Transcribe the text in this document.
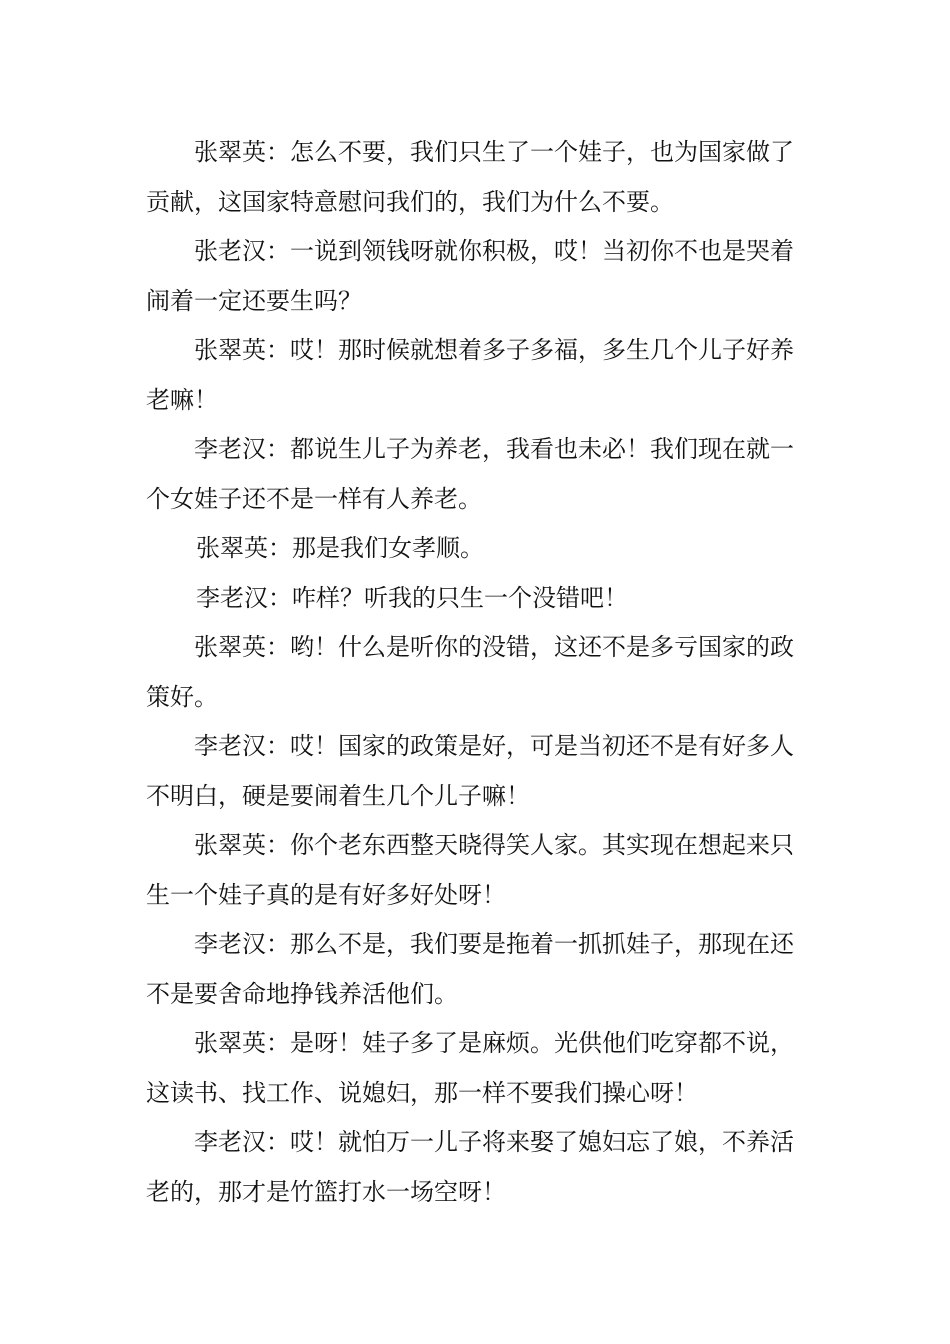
张翠英：怎么不要，我们只生了一个娃子，也为国家做了贡献，这国家特意慰问我们的，我们为什么不要。

张老汉：一说到领钱呀就你积极，哎！当初你不也是哭着闹着一定还要生吗？

张翠英：哎！那时候就想着多子多福，多生几个儿子好养老嘛！

李老汉：都说生儿子为养老，我看也未必！我们现在就一个女娃子还不是一样有人养老。

张翠英：那是我们女孝顺。

李老汉：咋样？听我的只生一个没错吧！

张翠英：哟！什么是听你的没错，这还不是多亏国家的政策好。

李老汉：哎！国家的政策是好，可是当初还不是有好多人不明白，硬是要闹着生几个儿子嘛！

张翠英：你个老东西整天晓得笑人家。其实现在想起来只生一个娃子真的是有好多好处呀！

李老汉：那么不是，我们要是拖着一抓抓娃子，那现在还不是要舍命地挣钱养活他们。

张翠英：是呀！娃子多了是麻烦。光供他们吃穿都不说，这读书、找工作、说媳妇，那一样不要我们操心呀！

李老汉：哎！就怕万一儿子将来娶了媳妇忘了娘，不养活老的，那才是竹篮打水一场空呀！
